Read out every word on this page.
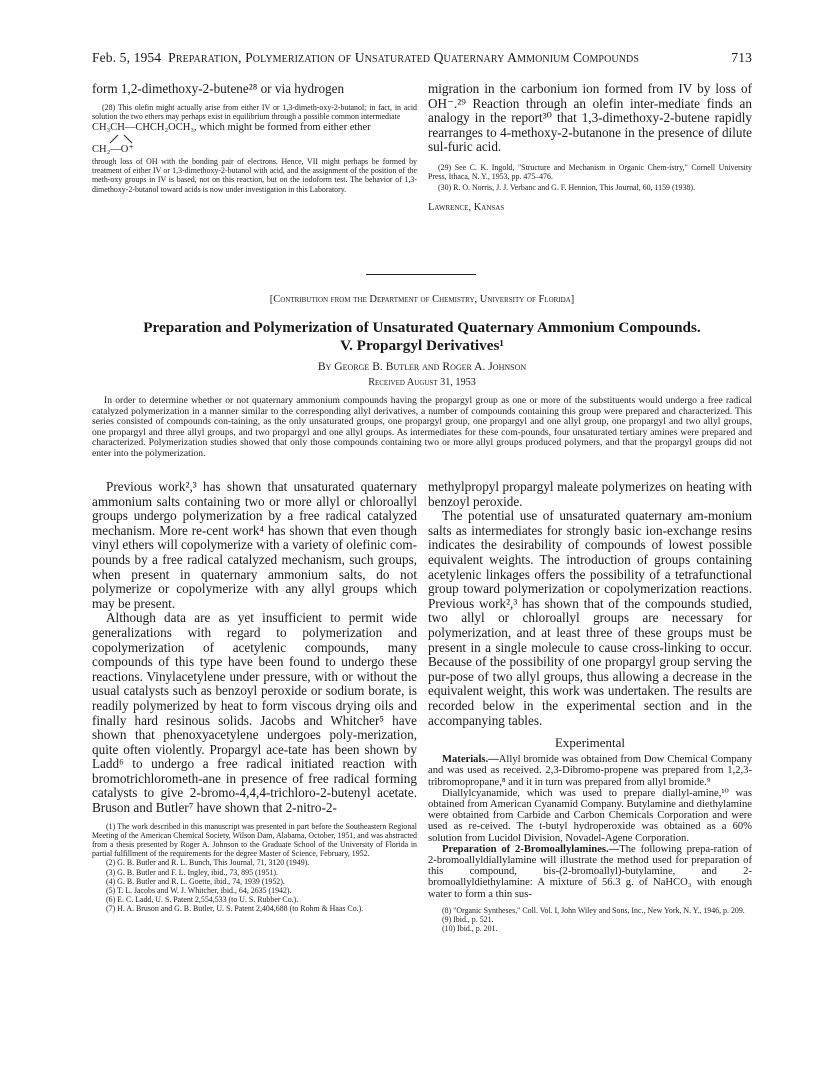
Feb. 5, 1954 Preparation, Polymerization of Unsaturated Quaternary Ammonium Compounds	713

form 1,2-dimethoxy-2-butene²⁸ or via hydrogen

(28) This olefin might actually arise from either IV or 1,3-dimeth-oxy-2-butanol; in fact, in acid solution the two ethers may perhaps exist in equilibrium through a possible common intermediate

CH₃CH—CHCH₂OCH₃, which might be formed from either ether
CH₂—O⁺

through loss of OH with the bonding pair of electrons. Hence, VII might perhaps be formed by treatment of either IV or 1,3-dimethoxy-2-butanol with acid, and the assignment of the position of the meth-oxy groups in IV is based, not on this reaction, but on the iodoform test. The behavior of 1,3-dimethoxy-2-butanol toward acids is now under investigation in this Laboratory.

migration in the carbonium ion formed from IV by loss of OH⁻.²⁹ Reaction through an olefin inter-mediate finds an analogy in the report³⁰ that 1,3-dimethoxy-2-butene rapidly rearranges to 4-methoxy-2-butanone in the presence of dilute sul-furic acid.

(29) See C. K. Ingold, "Structure and Mechanism in Organic Chem-istry," Cornell University Press, Ithaca, N. Y., 1953, pp. 475–476.

(30) R. O. Norris, J. J. Verbanc and G. F. Hennion, This Journal, 60, 1159 (1938).

Lawrence, Kansas

[Contribution from the Department of Chemistry, University of Florida]
Preparation and Polymerization of Unsaturated Quaternary Ammonium Compounds.
V. Propargyl Derivatives¹
By George B. Butler and Roger A. Johnson
Received August 31, 1953
In order to determine whether or not quaternary ammonium compounds having the propargyl group as one or more of the substituents would undergo a free radical catalyzed polymerization in a manner similar to the corresponding allyl derivatives, a number of compounds containing this group were prepared and characterized. This series consisted of compounds con-taining, as the only unsaturated groups, one propargyl group, one propargyl and one allyl group, one propargyl and two allyl groups, one propargyl and three allyl groups, and two propargyl and one allyl groups. As intermediates for these com-pounds, four unsaturated tertiary amines were prepared and characterized. Polymerization studies showed that only those compounds containing two or more allyl groups produced polymers, and that the propargyl groups did not enter into the polymerization.

Previous work²,³ has shown that unsaturated quaternary ammonium salts containing two or more allyl or chloroallyl groups undergo polymerization by a free radical catalyzed mechanism. More re-cent work⁴ has shown that even though vinyl ethers will copolymerize with a variety of olefinic com-pounds by a free radical catalyzed mechanism, such groups, when present in quaternary ammonium salts, do not polymerize or copolymerize with any allyl groups which may be present.

Although data are as yet insufficient to permit wide generalizations with regard to polymerization and copolymerization of acetylenic compounds, many compounds of this type have been found to undergo these reactions. Vinylacetylene under pressure, with or without the usual catalysts such as benzoyl peroxide or sodium borate, is readily polymerized by heat to form viscous drying oils and finally hard resinous solids. Jacobs and Whitcher⁵ have shown that phenoxyacetylene undergoes poly-merization, quite often violently. Propargyl ace-tate has been shown by Ladd⁶ to undergo a free radical initiated reaction with bromotrichlorometh-ane in presence of free radical forming catalysts to give 2-bromo-4,4,4-trichloro-2-butenyl acetate. Bruson and Butler⁷ have shown that 2-nitro-2-

(1) The work described in this manuscript was presented in part before the Southeastern Regional Meeting of the American Chemical Society, Wilson Dam, Alabama, October, 1951, and was abstracted from a thesis presented by Roger A. Johnson to the Graduate School of the University of Florida in partial fulfillment of the requirements for the degree Master of Science, February, 1952.

(2) G. B. Butler and R. L. Bunch, This Journal, 71, 3120 (1949).

(3) G. B. Butler and F. L. Ingley, ibid., 73, 895 (1951).

(4) G. B. Butler and R. L. Goette, ibid., 74, 1939 (1952).

(5) T. L. Jacobs and W. J. Whitcher, ibid., 64, 2635 (1942).

(6) E. C. Ladd, U. S. Patent 2,554,533 (to U. S. Rubber Co.).

(7) H. A. Bruson and G. B. Butler, U. S. Patent 2,404,688 (to Rohm & Haas Co.).

methylpropyl propargyl maleate polymerizes on heating with benzoyl peroxide.

The potential use of unsaturated quaternary am-monium salts as intermediates for strongly basic ion-exchange resins indicates the desirability of compounds of lowest possible equivalent weights. The introduction of groups containing acetylenic linkages offers the possibility of a tetrafunctional group toward polymerization or copolymerization reactions. Previous work²,³ has shown that of the compounds studied, two allyl or chloroallyl groups are necessary for polymerization, and at least three of these groups must be present in a single molecule to cause cross-linking to occur. Because of the possibility of one propargyl group serving the pur-pose of two allyl groups, thus allowing a decrease in the equivalent weight, this work was undertaken. The results are recorded below in the experimental section and in the accompanying tables.

Experimental

Materials.—Allyl bromide was obtained from Dow Chemical Company and was used as received. 2,3-Dibromo-propene was prepared from 1,2,3-tribromopropane,⁸ and it in turn was prepared from allyl bromide.⁹

Diallylcyanamide, which was used to prepare diallyl-amine,¹⁰ was obtained from American Cyanamid Company. Butylamine and diethylamine were obtained from Carbide and Carbon Chemicals Corporation and were used as re-ceived. The t-butyl hydroperoxide was obtained as a 60% solution from Lucidol Division, Novadel-Agene Corporation.

Preparation of 2-Bromoallylamines.—The following prepa-ration of 2-bromoallyldiallylamine will illustrate the method used for preparation of this compound, bis-(2-bromoallyl)-butylamine, and 2-bromoallyldiethylamine: A mixture of 56.3 g. of NaHCO₃ with enough water to form a thin sus-

(8) "Organic Syntheses," Coll. Vol. I, John Wiley and Sons, Inc., New York, N. Y., 1946, p. 209.

(9) Ibid., p. 521.

(10) Ibid., p. 201.
